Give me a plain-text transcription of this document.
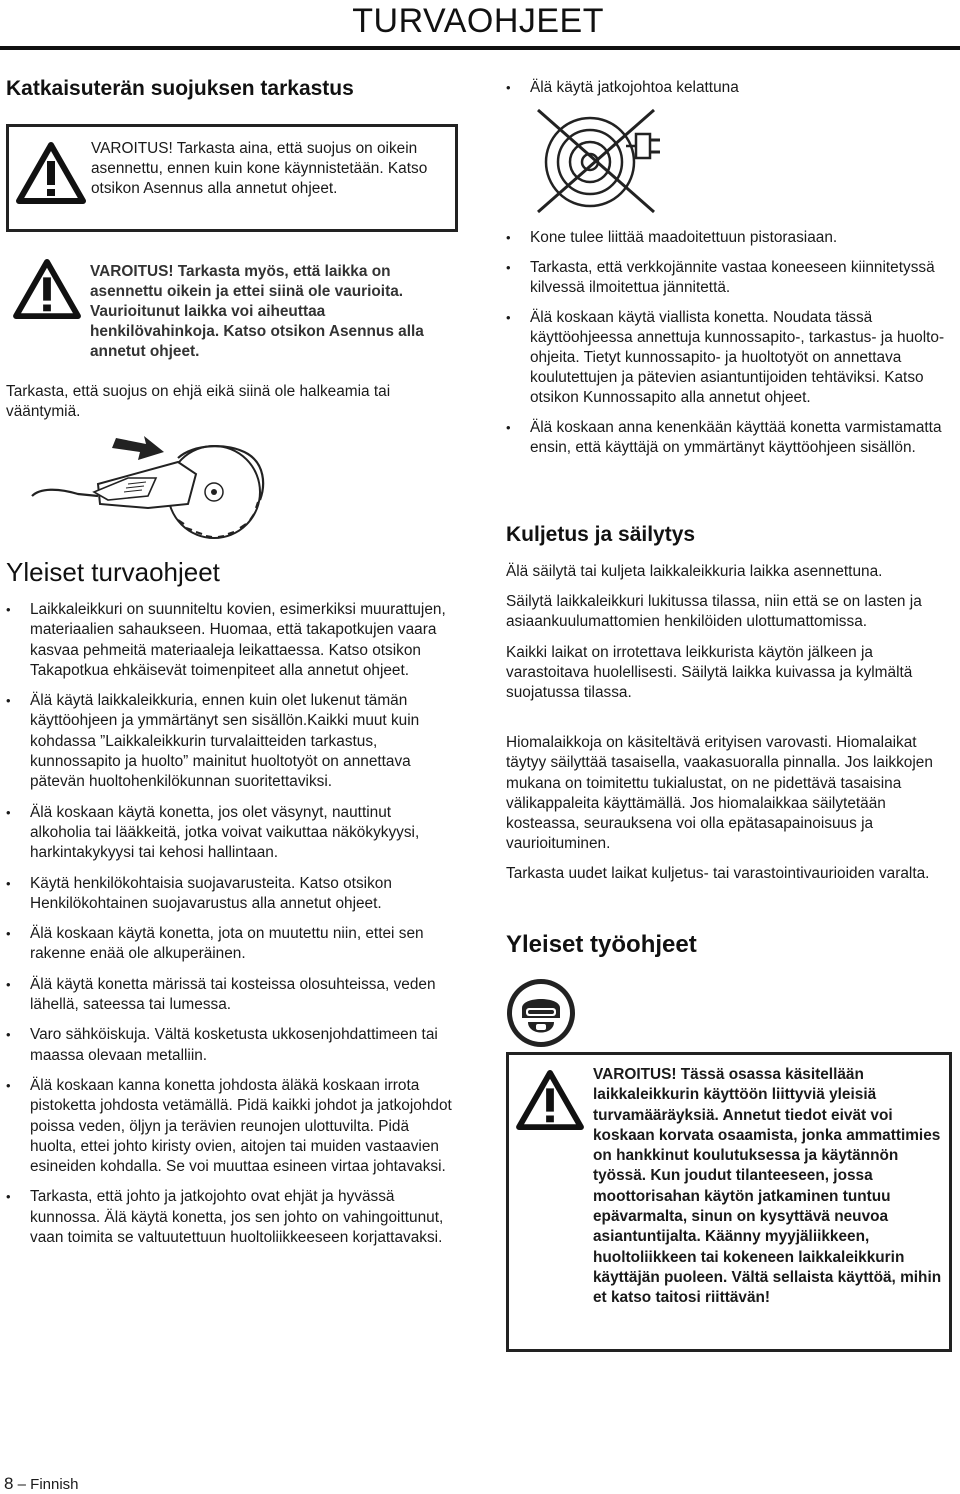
TURVAOHJEET
Katkaisuterän suojuksen tarkastus
VAROITUS! Tarkasta aina, että suojus on oikein asennettu, ennen kuin kone käynnistetään. Katso otsikon Asennus alla annetut ohjeet.
VAROITUS! Tarkasta myös, että laikka on asennettu oikein ja ettei siinä ole vaurioita. Vaurioitunut laikka voi aiheuttaa henkilövahinkoja. Katso otsikon Asennus alla annetut ohjeet.

Tarkasta, että suojus on ehjä eikä siinä ole halkeamia tai vääntymiä.

Yleiset turvaohjeet
• Laikkaleikkuri on suunniteltu kovien, esimerkiksi muurattujen, materiaalien sahaukseen. Huomaa, että takapotkujen vaara kasvaa pehmeitä materiaaleja leikattaessa. Katso otsikon Takapotkua ehkäisevät toimenpiteet alla annetut ohjeet.
• Älä käytä laikkaleikkuria, ennen kuin olet lukenut tämän käyttöohjeen ja ymmärtänyt sen sisällön.Kaikki muut kuin kohdassa ”Laikkaleikkurin turvalaitteiden tarkastus, kunnossapito ja huolto” mainitut huoltotyöt on annettava pätevän huoltohenkilökunnan suoritettaviksi.
• Älä koskaan käytä konetta, jos olet väsynyt, nauttinut alkoholia tai lääkkeitä, jotka voivat vaikuttaa näkökykyysi, harkintakykyysi tai kehosi hallintaan.
• Käytä henkilökohtaisia suojavarusteita. Katso otsikon Henkilökohtainen suojavarustus alla annetut ohjeet.
• Älä koskaan käytä konetta, jota on muutettu niin, ettei sen rakenne enää ole alkuperäinen.
• Älä käytä konetta märissä tai kosteissa olosuhteissa, veden lähellä, sateessa tai lumessa.
• Varo sähköiskuja. Vältä kosketusta ukkosenjohdattimeen tai maassa olevaan metalliin.
• Älä koskaan kanna konetta johdosta äläkä koskaan irrota pistoketta johdosta vetämällä. Pidä kaikki johdot ja jatkojohdot poissa veden, öljyn ja terävien reunojen ulottuvilta. Pidä huolta, ettei johto kiristy ovien, aitojen tai muiden vastaavien esineiden kohdalla. Se voi muuttaa esineen virtaa johtavaksi.
• Tarkasta, että johto ja jatkojohto ovat ehjät ja hyvässä kunnossa. Älä käytä konetta, jos sen johto on vahingoittunut, vaan toimita se valtuutettuun huoltoliikkeeseen korjattavaksi.
• Älä käytä jatkojohtoa kelattuna
• Kone tulee liittää maadoitettuun pistorasiaan.
• Tarkasta, että verkkojännite vastaa koneeseen kiinnitetyssä kilvessä ilmoitettua jännitettä.
• Älä koskaan käytä viallista konetta. Noudata tässä käyttöohjeessa annettuja kunnossapito-, tarkastus- ja huolto-ohjeita. Tietyt kunnossapito- ja huoltotyöt on annettava koulutettujen ja pätevien asiantuntijoiden tehtäviksi. Katso otsikon Kunnossapito alla annetut ohjeet.
• Älä koskaan anna kenenkään käyttää konetta varmistamatta ensin, että käyttäjä on ymmärtänyt käyttöohjeen sisällön.
Kuljetus ja säilytys

Älä säilytä tai kuljeta laikkaleikkuria laikka asennettuna.

Säilytä laikkaleikkuri lukitussa tilassa, niin että se on lasten ja asiaankuulumattomien henkilöiden ulottumattomissa.

Kaikki laikat on irrotettava leikkurista käytön jälkeen ja varastoitava huolellisesti. Säilytä laikka kuivassa ja kylmältä suojatussa tilassa.

Hiomalaikkoja on käsiteltävä erityisen varovasti. Hiomalaikat täytyy säilyttää tasaisella, vaakasuoralla pinnalla. Jos laikkojen mukana on toimitettu tukialustat, on ne pidettävä tasaisina välikappaleita käyttämällä. Jos hiomalaikkaa säilytetään kosteassa, seurauksena voi olla epätasapainoisuus ja vaurioituminen.

Tarkasta uudet laikat kuljetus- tai varastointivaurioiden varalta.

Yleiset työohjeet
VAROITUS! Tässä osassa käsitellään laikkaleikkurin käyttöön liittyviä yleisiä turvamääräyksiä. Annetut tiedot eivät voi koskaan korvata osaamista, jonka ammattimies on hankkinut koulutuksessa ja käytännön työssä. Kun joudut tilanteeseen, jossa moottorisahan käytön jatkaminen tuntuu epävarmalta, sinun on kysyttävä neuvoa asiantuntijalta. Käänny myyjäliikkeen, huoltoliikkeen tai kokeneen laikkaleikkurin käyttäjän puoleen. Vältä sellaista käyttöä, mihin et katso taitosi riittävän!
8 – Finnish
